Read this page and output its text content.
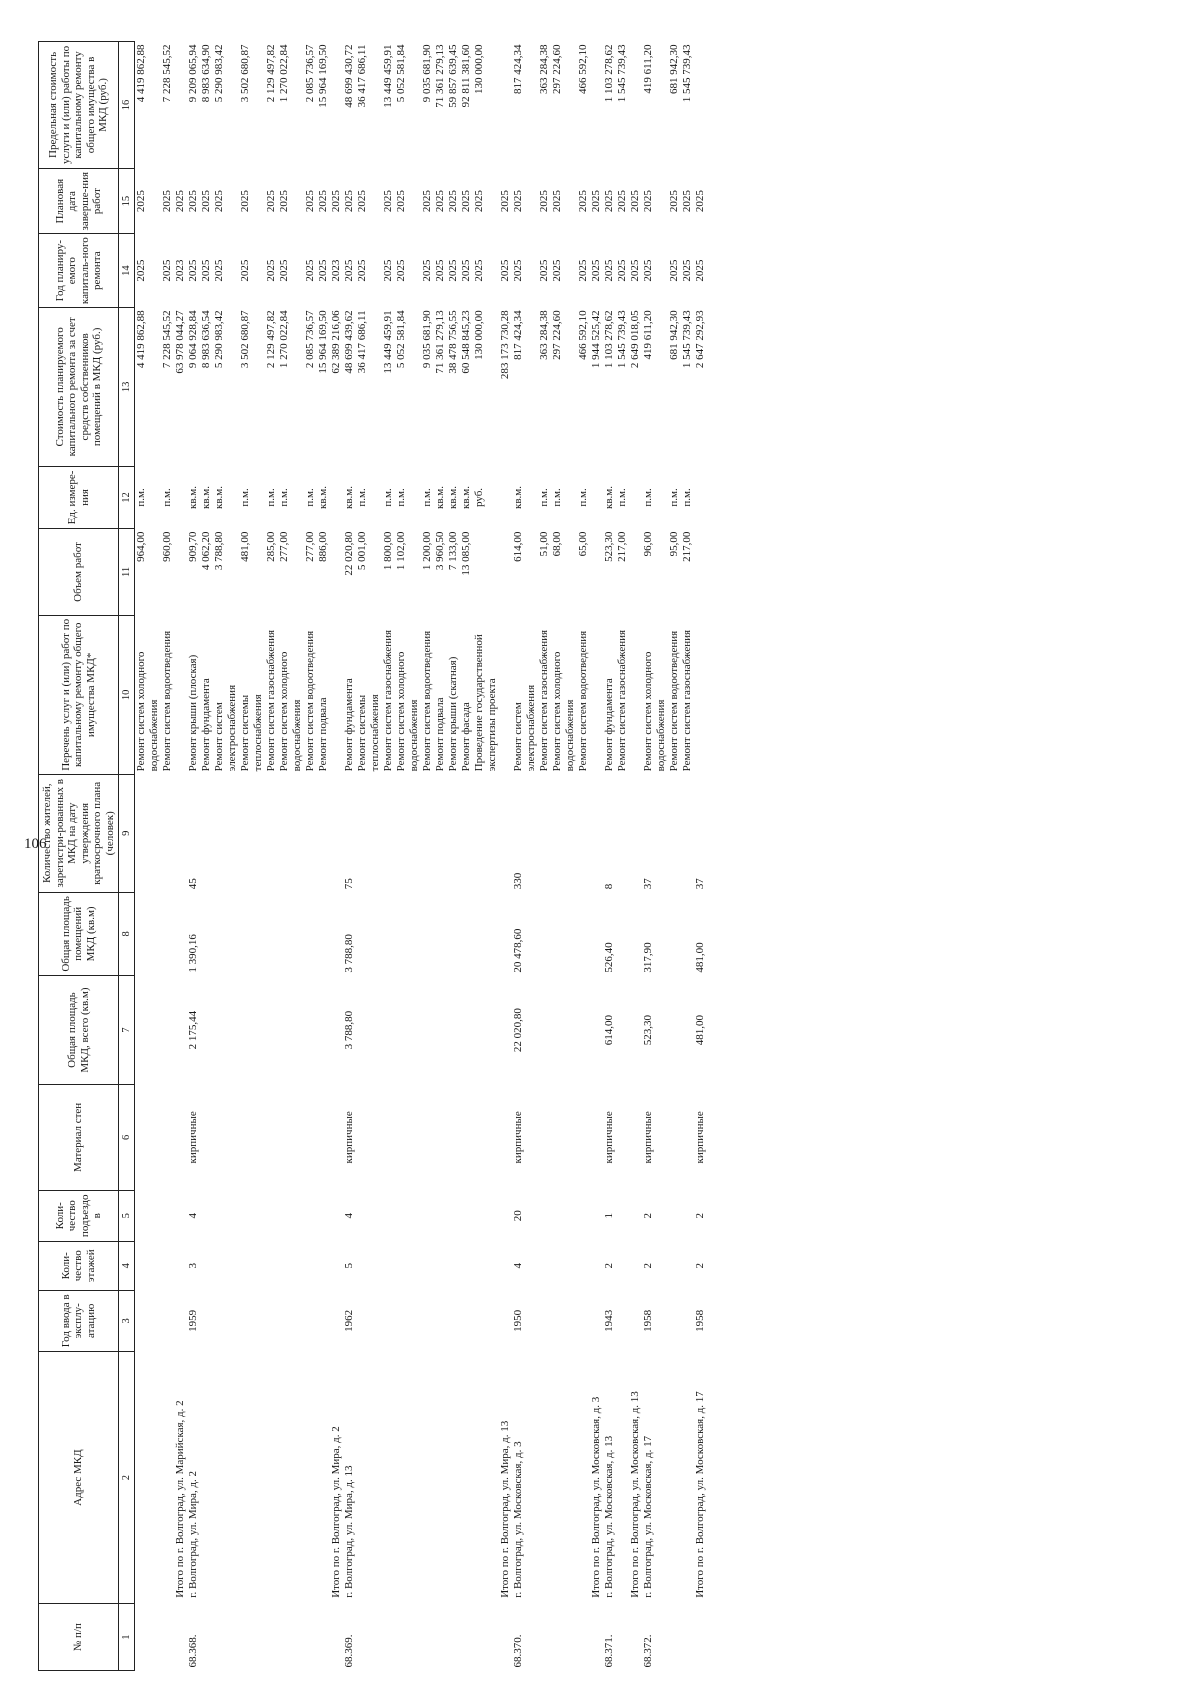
106
№ п/п	Адрес МКД	Год ввода в эксплу-атацию	Коли-чество этажей	Коли-чество подъездо в	Материал стен	Общая площадь МКД, всего (кв.м)	Общая площадь помещений МКД (кв.м)	Количество жителей, зарегистри-рованных в МКД на дату утверждения краткосрочного плана (человек)	Перечень услуг и (или) работ по капитальному ремонту общего имущества МКД*	Объем работ	Ед. измере-ния	Стоимость планируемого капитального ремонта за счет средств собственников помещений в МКД (руб.)	Год планиру-емого капиталь-ного ремонта	Плановая дата заверше-ния работ	Предельная стоимость услуги и (или) работы по капитальному ремонту общего имущества в МКД (руб.)
1	2	3	4	5	6	7	8	9	10	11	12	13	14	15	16
									Ремонт систем холодного водоснабжения	964,00	п.м.	4 419 862,88	2025	2025	4 419 862,88
									Ремонт систем водоотведения	960,00	п.м.	7 228 545,52	2025	2025	7 228 545,52
	Итого по г. Волгоград, ул. Марийская, д. 2											63 978 044,27	2023	2025	
68.368.	г. Волгоград, ул. Мира, д. 2	1959	3	4	кирпичные	2 175,44	1 390,16	45	Ремонт крыши (плоская)	909,70	кв.м.	9 064 928,84	2025	2025	9 209 065,94
									Ремонт фундамента	4 062,20	кв.м.	8 983 636,54	2025	2025	8 983 634,90
									Ремонт систем электроснабжения	3 788,80	кв.м.	5 290 983,42	2025	2025	5 290 983,42
									Ремонт системы теплоснабжения	481,00	п.м.	3 502 680,87	2025	2025	3 502 680,87
									Ремонт систем газоснабжения	285,00	п.м.	2 129 497,82	2025	2025	2 129 497,82
									Ремонт систем холодного водоснабжения	277,00	п.м.	1 270 022,84	2025	2025	1 270 022,84
									Ремонт систем водоотведения	277,00	п.м.	2 085 736,57	2025	2025	2 085 736,57
									Ремонт подвала	886,00	кв.м.	15 964 169,50	2025	2025	15 964 169,50
	Итого по г. Волгоград, ул. Мира, д. 2											62 389 216,06	2023	2025	
68.369.	г. Волгоград, ул. Мира, д. 13	1962	5	4	кирпичные	3 788,80	3 788,80	75	Ремонт фундамента	22 020,80	кв.м.	48 699 439,62	2025	2025	48 699 430,72
									Ремонт системы теплоснабжения	5 001,00	п.м.	36 417 686,11	2025	2025	36 417 686,11
									Ремонт систем газоснабжения	1 800,00	п.м.	13 449 459,91	2025	2025	13 449 459,91
									Ремонт систем холодного водоснабжения	1 102,00	п.м.	5 052 581,84	2025	2025	5 052 581,84
									Ремонт систем водоотведения	1 200,00	п.м.	9 035 681,90	2025	2025	9 035 681,90
									Ремонт подвала	3 960,50	кв.м.	71 361 279,13	2025	2025	71 361 279,13
									Ремонт крыши (скатная)	7 133,00	кв.м.	38 478 756,55	2025	2025	59 857 639,45
									Ремонт фасада	13 085,00	кв.м.	60 548 845,23	2025	2025	92 811 381,60
									Проведение государственной экспертизы проекта		руб.	130 000,00	2025	2025	130 000,00
	Итого по г. Волгоград, ул. Мира, д. 13											283 173 730,28	2025	2025	
68.370.	г. Волгоград, ул. Московская, д. 3	1950	4	20	кирпичные	22 020,80	20 478,60	330	Ремонт систем электроснабжения	614,00	кв.м.	817 424,34	2025	2025	817 424,34
									Ремонт систем газоснабжения	51,00	п.м.	363 284,38	2025	2025	363 284,38
									Ремонт систем холодного водоснабжения	68,00	п.м.	297 224,60	2025	2025	297 224,60
									Ремонт систем водоотведения	65,00	п.м.	466 592,10	2025	2025	466 592,10
	Итого по г. Волгоград, ул. Московская, д. 3											1 944 525,42	2025	2025	
68.371.	г. Волгоград, ул. Московская, д. 13	1943	2	1	кирпичные	614,00	526,40	8	Ремонт фундамента	523,30	кв.м.	1 103 278,62	2025	2025	1 103 278,62
									Ремонт систем газоснабжения	217,00	п.м.	1 545 739,43	2025	2025	1 545 739,43
	Итого по г. Волгоград, ул. Московская, д. 13											2 649 018,05	2025	2025	
68.372.	г. Волгоград, ул. Московская, д. 17	1958	2	2	кирпичные	523,30	317,90	37	Ремонт систем холодного водоснабжения	96,00	п.м.	419 611,20	2025	2025	419 611,20
									Ремонт систем водоотведения	95,00	п.м.	681 942,30	2025	2025	681 942,30
									Ремонт систем газоснабжения	217,00	п.м.	1 545 739,43	2025	2025	1 545 739,43
	Итого по г. Волгоград, ул. Московская, д. 17	1958	2	2	кирпичные	481,00	481,00	37				2 647 292,93	2025	2025	
